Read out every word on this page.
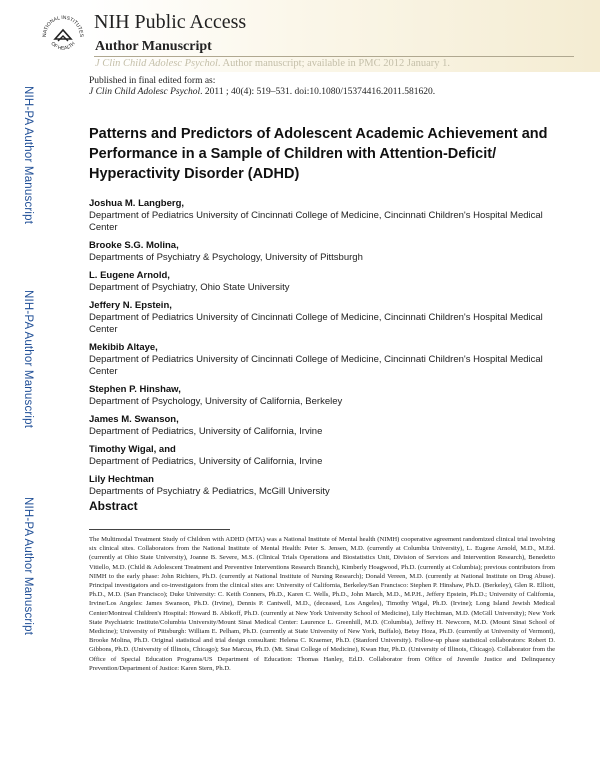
NATIONAL INSTITUTES
OF HEALTH
NIH Public Access
Author Manuscript
J Clin Child Adolesc Psychol. Author manuscript; available in PMC 2012 January 1.
NIH-PA Author Manuscript
NIH-PA Author Manuscript
NIH-PA Author Manuscript
Published in final edited form as:
J Clin Child Adolesc Psychol. 2011 ; 40(4): 519–531. doi:10.1080/15374416.2011.581620.
Patterns and Predictors of Adolescent Academic Achievement and Performance in a Sample of Children with Attention-Deficit/ Hyperactivity Disorder (ADHD)
Joshua M. Langberg,
Department of Pediatrics University of Cincinnati College of Medicine, Cincinnati Children's Hospital Medical Center
Brooke S.G. Molina,
Departments of Psychiatry & Psychology, University of Pittsburgh
L. Eugene Arnold,
Department of Psychiatry, Ohio State University
Jeffery N. Epstein,
Department of Pediatrics University of Cincinnati College of Medicine, Cincinnati Children's Hospital Medical Center
Mekibib Altaye,
Department of Pediatrics University of Cincinnati College of Medicine, Cincinnati Children's Hospital Medical Center
Stephen P. Hinshaw,
Department of Psychology, University of California, Berkeley
James M. Swanson,
Department of Pediatrics, University of California, Irvine
Timothy Wigal, and
Department of Pediatrics, University of California, Irvine
Lily Hechtman
Departments of Psychiatry & Pediatrics, McGill University
Abstract
The Multimodal Treatment Study of Children with ADHD (MTA) was a National Institute of Mental health (NIMH) cooperative agreement randomized clinical trial involving six clinical sites. Collaborators from the National Institute of Mental Health: Peter S. Jensen, M.D. (currently at Columbia University), L. Eugene Arnold, M.D., M.Ed. (currently at Ohio State University), Joanne B. Severe, M.S. (Clinical Trials Operations and Biostatistics Unit, Division of Services and Intervention Research), Benedetto Vitiello, M.D. (Child & Adolescent Treatment and Preventive Interventions Research Branch), Kimberly Hoagwood, Ph.D. (currently at Columbia); previous contributors from NIMH to the early phase: John Richters, Ph.D. (currently at National Institute of Nursing Research); Donald Vereen, M.D. (currently at National Institute on Drug Abuse). Principal investigators and co-investigators from the clinical sites are: University of California, Berkeley/San Francisco: Stephen P. Hinshaw, Ph.D. (Berkeley), Glen R. Elliott, Ph.D., M.D. (San Francisco); Duke University: C. Keith Conners, Ph.D., Karen C. Wells, Ph.D., John March, M.D., M.P.H., Jeffery Epstein, Ph.D.; University of California, Irvine/Los Angeles: James Swanson, Ph.D. (Irvine), Dennis P. Cantwell, M.D., (deceased, Los Angeles), Timothy Wigal, Ph.D. (Irvine); Long Island Jewish Medical Center/Montreal Children's Hospital: Howard B. Abikoff, Ph.D. (currently at New York University School of Medicine), Lily Hechtman, M.D. (McGill University); New York State Psychiatric Institute/Columbia University/Mount Sinai Medical Center: Laurence L. Greenhill, M.D. (Columbia), Jeffrey H. Newcorn, M.D. (Mount Sinai School of Medicine); University of Pittsburgh: William E. Pelham, Ph.D. (currently at State University of New York, Buffalo), Betsy Hoza, Ph.D. (currently at University of Vermont), Brooke Molina, Ph.D. Original statistical and trial design consultant: Helena C. Kraemer, Ph.D. (Stanford University). Follow-up phase statistical collaborators: Robert D. Gibbons, Ph.D. (University of Illinois, Chicago); Sue Marcus, Ph.D. (Mt. Sinai College of Medicine), Kwan Hur, Ph.D. (University of Illinois, Chicago). Collaborator from the Office of Special Education Programs/US Department of Education: Thomas Hanley, Ed.D. Collaborator from Office of Juvenile Justice and Delinquency Prevention/Department of Justice: Karen Stern, Ph.D.
